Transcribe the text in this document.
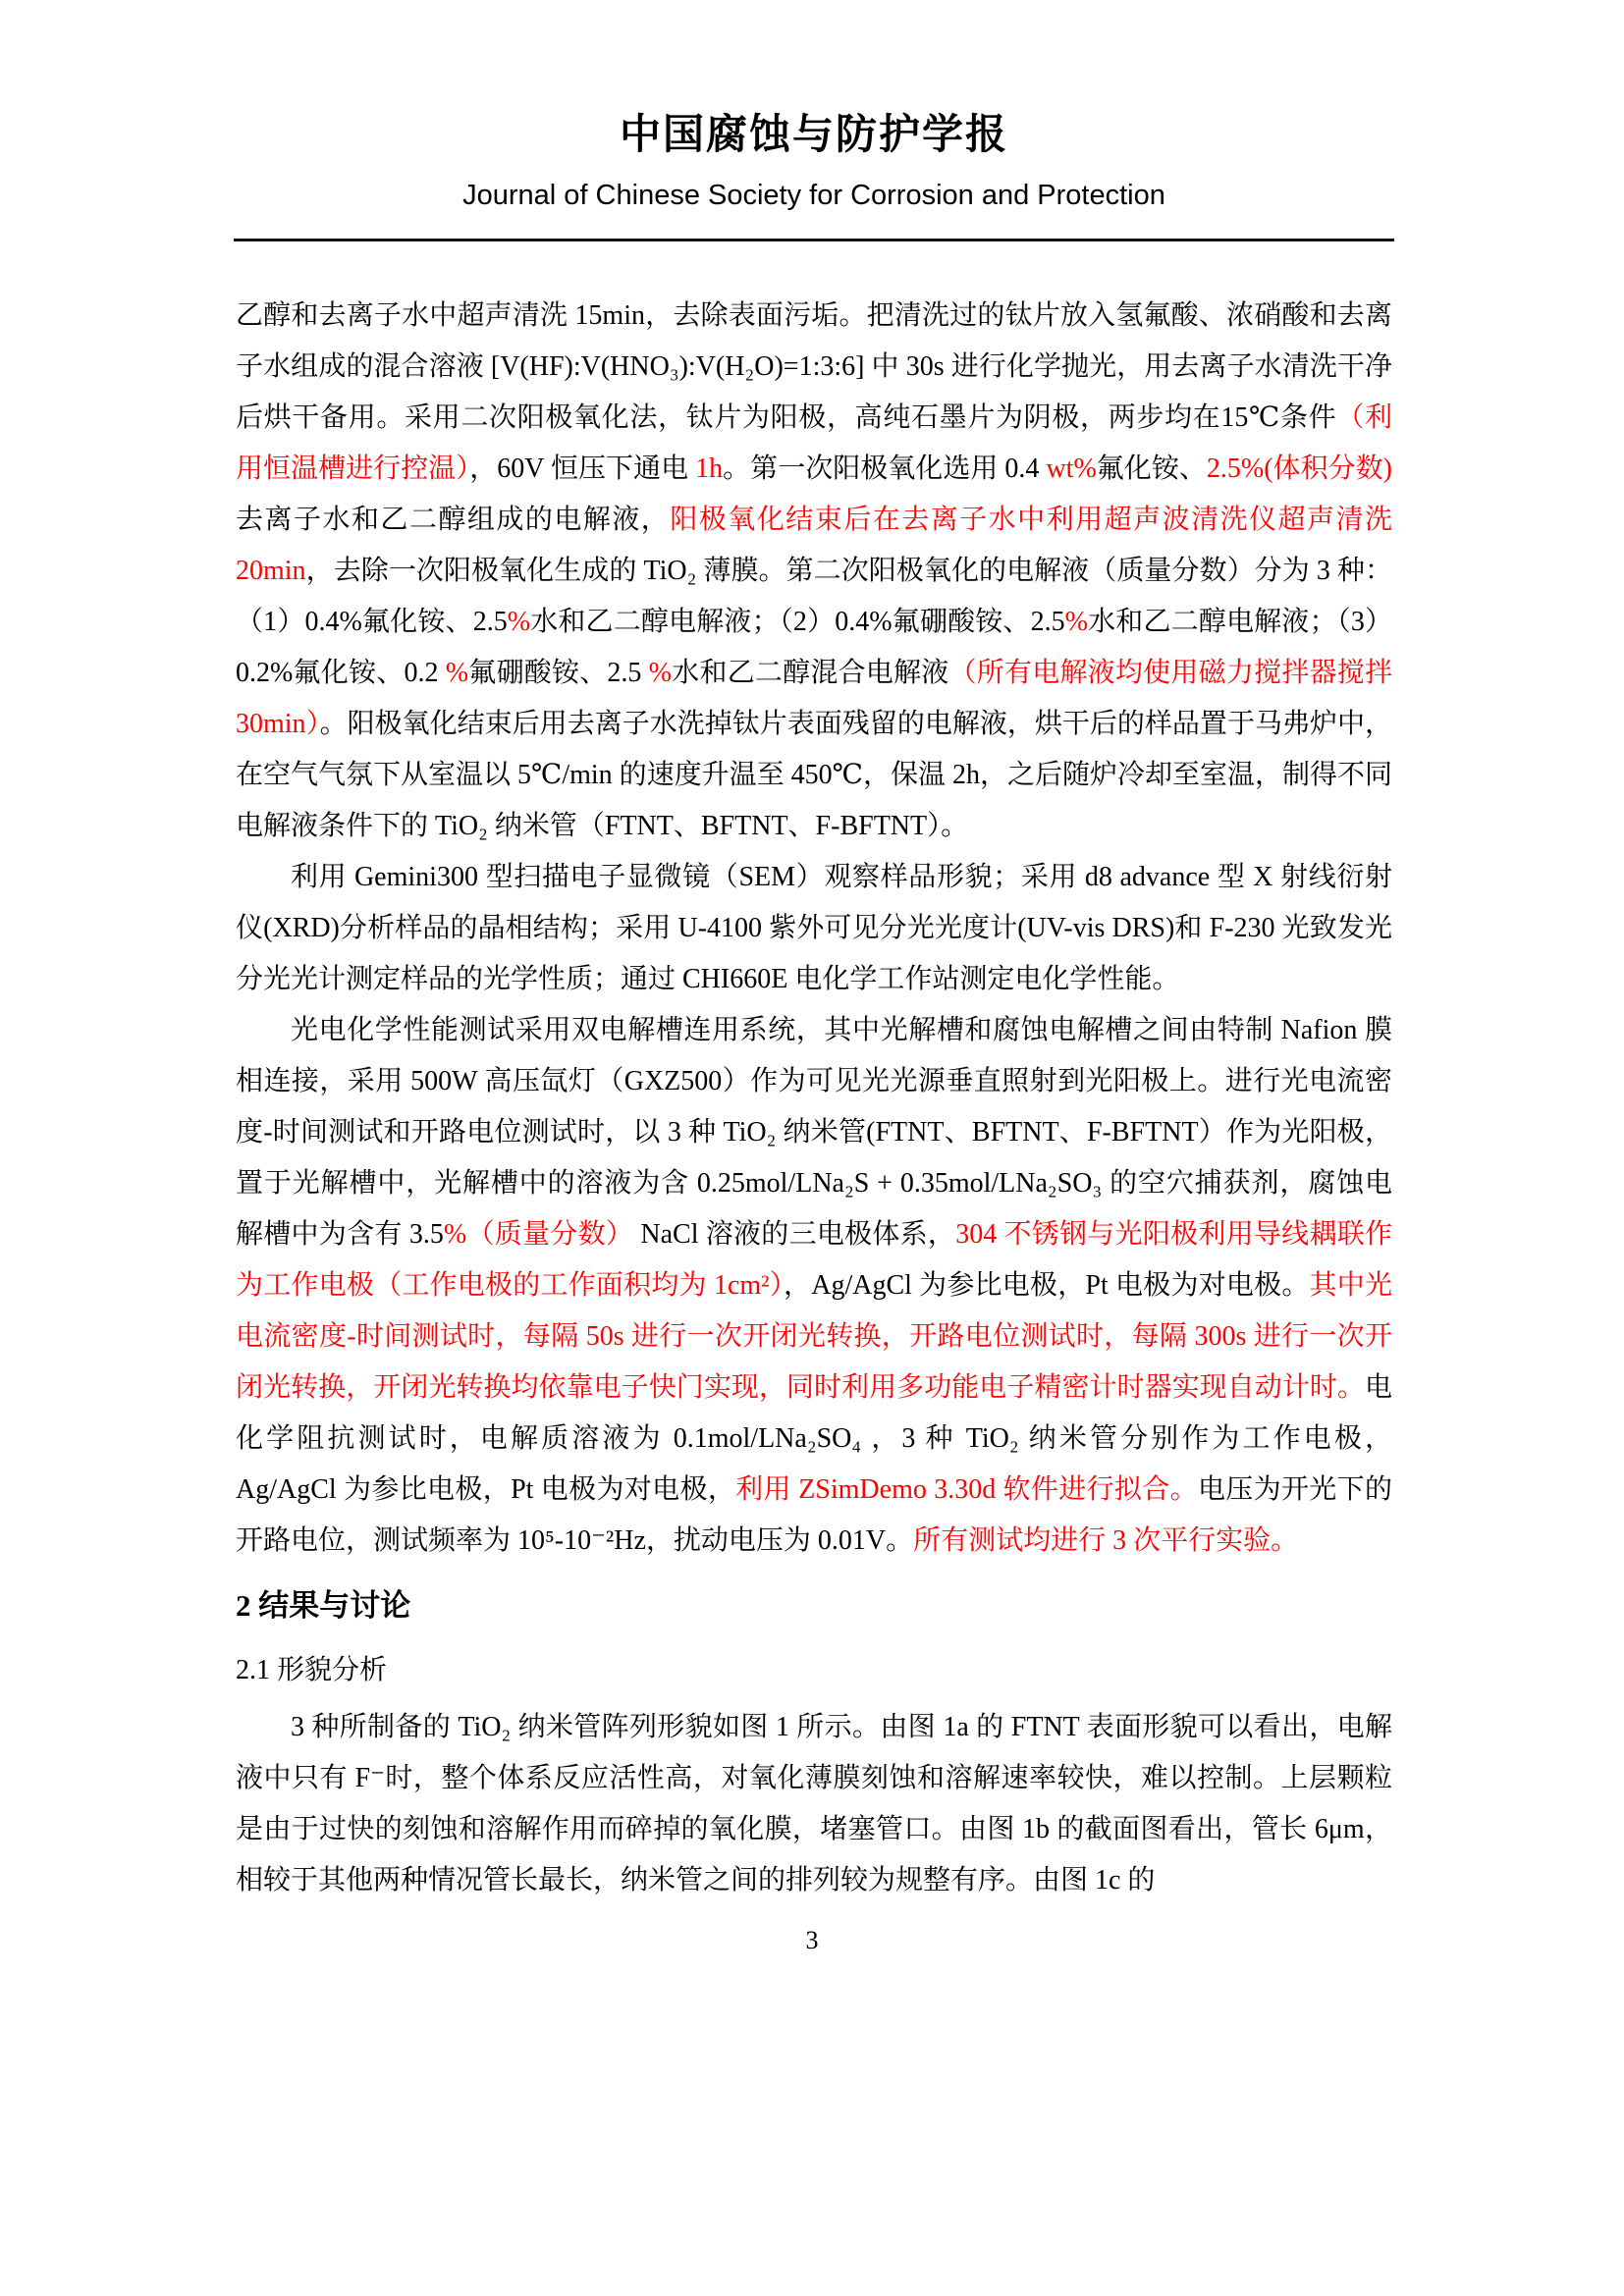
中国腐蚀与防护学报
Journal of Chinese Society for Corrosion and Protection

乙醇和去离子水中超声清洗 15min，去除表面污垢。把清洗过的钛片放入氢氟酸、浓硝酸和去离子水组成的混合溶液 [V(HF):V(HNO₃):V(H₂O)=1:3:6] 中 30s 进行化学抛光，用去离子水清洗干净后烘干备用。采用二次阳极氧化法，钛片为阳极，高纯石墨片为阴极，两步均在15℃条件（利用恒温槽进行控温），60V 恒压下通电 1h。第一次阳极氧化选用 0.4 wt%氟化铵、2.5%(体积分数)去离子水和乙二醇组成的电解液，阳极氧化结束后在去离子水中利用超声波清洗仪超声清洗 20min，去除一次阳极氧化生成的 TiO₂ 薄膜。第二次阳极氧化的电解液（质量分数）分为 3 种：（1）0.4%氟化铵、2.5%水和乙二醇电解液；（2）0.4%氟硼酸铵、2.5%水和乙二醇电解液；（3）0.2%氟化铵、0.2 %氟硼酸铵、2.5 %水和乙二醇混合电解液（所有电解液均使用磁力搅拌器搅拌 30min）。阳极氧化结束后用去离子水洗掉钛片表面残留的电解液，烘干后的样品置于马弗炉中，在空气气氛下从室温以 5℃/min 的速度升温至 450℃，保温 2h，之后随炉冷却至室温，制得不同电解液条件下的 TiO₂ 纳米管（FTNT、BFTNT、F-BFTNT）。

利用 Gemini300 型扫描电子显微镜（SEM）观察样品形貌；采用 d8 advance 型 X 射线衍射仪(XRD)分析样品的晶相结构；采用 U-4100 紫外可见分光光度计(UV-vis DRS)和 F-230 光致发光分光光计测定样品的光学性质；通过 CHI660E 电化学工作站测定电化学性能。

光电化学性能测试采用双电解槽连用系统，其中光解槽和腐蚀电解槽之间由特制 Nafion 膜相连接，采用 500W 高压氙灯（GXZ500）作为可见光光源垂直照射到光阳极上。进行光电流密度-时间测试和开路电位测试时，以 3 种 TiO₂ 纳米管(FTNT、BFTNT、F-BFTNT）作为光阳极，置于光解槽中，光解槽中的溶液为含 0.25mol/LNa₂S + 0.35mol/LNa₂SO₃ 的空穴捕获剂，腐蚀电解槽中为含有 3.5%（质量分数） NaCl 溶液的三电极体系，304 不锈钢与光阳极利用导线耦联作为工作电极（工作电极的工作面积均为 1cm²），Ag/AgCl 为参比电极，Pt 电极为对电极。其中光电流密度-时间测试时，每隔 50s 进行一次开闭光转换，开路电位测试时，每隔 300s 进行一次开闭光转换，开闭光转换均依靠电子快门实现，同时利用多功能电子精密计时器实现自动计时。电化学阻抗测试时，电解质溶液为 0.1mol/LNa₂SO₄ ，3 种 TiO₂ 纳米管分别作为工作电极，Ag/AgCl 为参比电极，Pt 电极为对电极，利用 ZSimDemo 3.30d 软件进行拟合。电压为开光下的开路电位，测试频率为 10⁵-10⁻²Hz，扰动电压为 0.01V。所有测试均进行 3 次平行实验。

2 结果与讨论

2.1 形貌分析

3 种所制备的 TiO₂ 纳米管阵列形貌如图 1 所示。由图 1a 的 FTNT 表面形貌可以看出，电解液中只有 F⁻时，整个体系反应活性高，对氧化薄膜刻蚀和溶解速率较快，难以控制。上层颗粒是由于过快的刻蚀和溶解作用而碎掉的氧化膜，堵塞管口。由图 1b 的截面图看出，管长 6μm，相较于其他两种情况管长最长，纳米管之间的排列较为规整有序。由图 1c 的

3
